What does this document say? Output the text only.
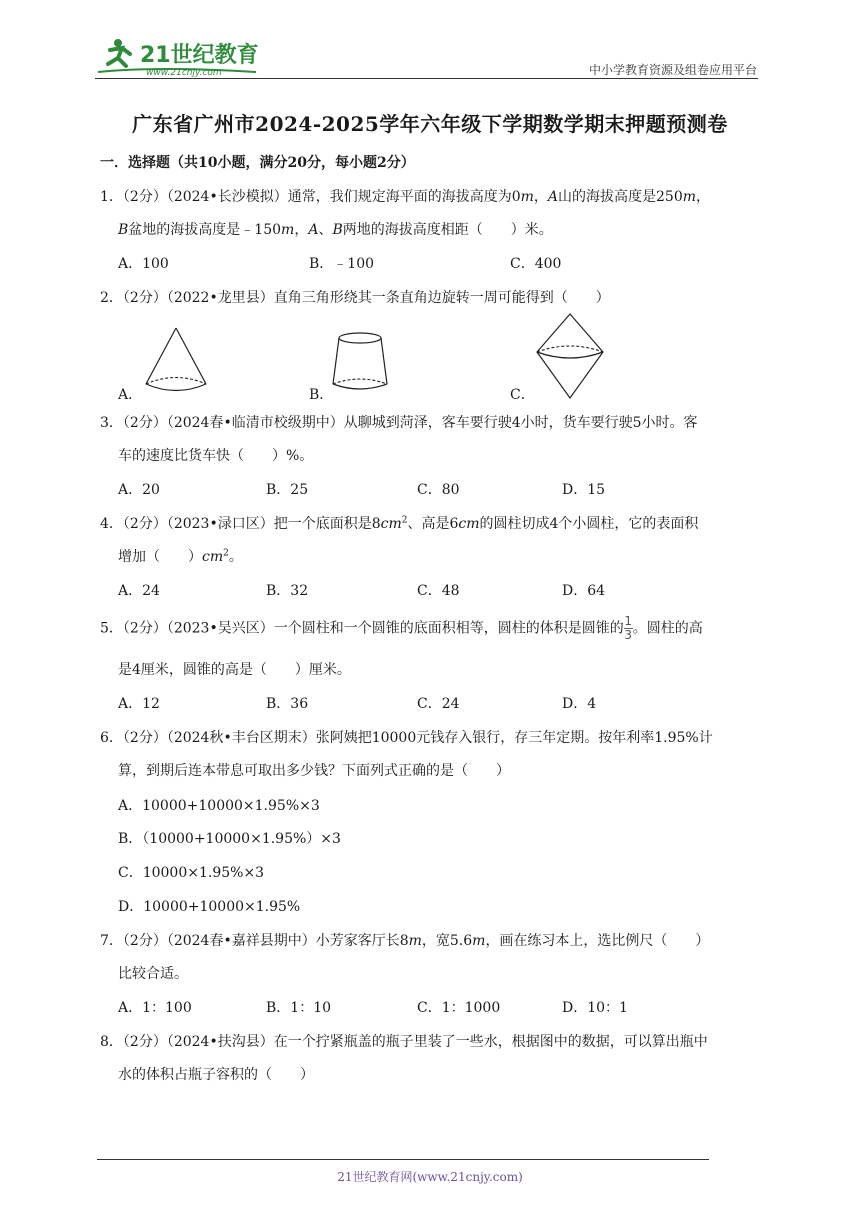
21世纪教育
www.21cnjy.com	中小学教育资源及组卷应用平台
广东省广州市2024-2025学年六年级下学期数学期末押题预测卷
一．选择题（共10小题，满分20分，每小题2分）
1．（2分）（2024•长沙模拟）通常，我们规定海平面的海拔高度为0m，A山的海拔高度是250m，
B盆地的海拔高度是﹣150m，A、B两地的海拔高度相距（　　）米。
A．100	B．﹣100	C．400
2．（2分）（2022•龙里县）直角三角形绕其一条直角边旋转一周可能得到（　　）
A．	B．	C．
3．（2分）（2024春•临清市校级期中）从聊城到菏泽，客车要行驶4小时，货车要行驶5小时。客
车的速度比货车快（　　）%。
A．20	B．25	C．80	D．15
4．（2分）（2023•渌口区）把一个底面积是$8cm^2$、高是6cm的圆柱切成4个小圆柱，它的表面积
增加（　　）$cm^2$。
A．24	B．32	C．48	D．64
5．（2分）（2023•吴兴区）一个圆柱和一个圆锥的底面积相等，圆柱的体积是圆锥的$\frac{1}{3}$。圆柱的高
是4厘米，圆锥的高是（　　）厘米。
A．12	B．36	C．24	D．4
6．（2分）（2024秋•丰台区期末）张阿姨把10000元钱存入银行，存三年定期。按年利率1.95%计
算，到期后连本带息可取出多少钱？下面列式正确的是（　　）
A．10000+10000×1.95%×3
B．（10000+10000×1.95%）×3
C．10000×1.95%×3
D．10000+10000×1.95%
7．（2分）（2024春•嘉祥县期中）小芳家客厅长8m，宽5.6m，画在练习本上，选比例尺（　　）
比较合适。
A．1：100	B．1：10	C．1：1000	D．10：1
8．（2分）（2024•扶沟县）在一个拧紧瓶盖的瓶子里装了一些水，根据图中的数据，可以算出瓶中
水的体积占瓶子容积的（　　）
21世纪教育网(www.21cnjy.com)
